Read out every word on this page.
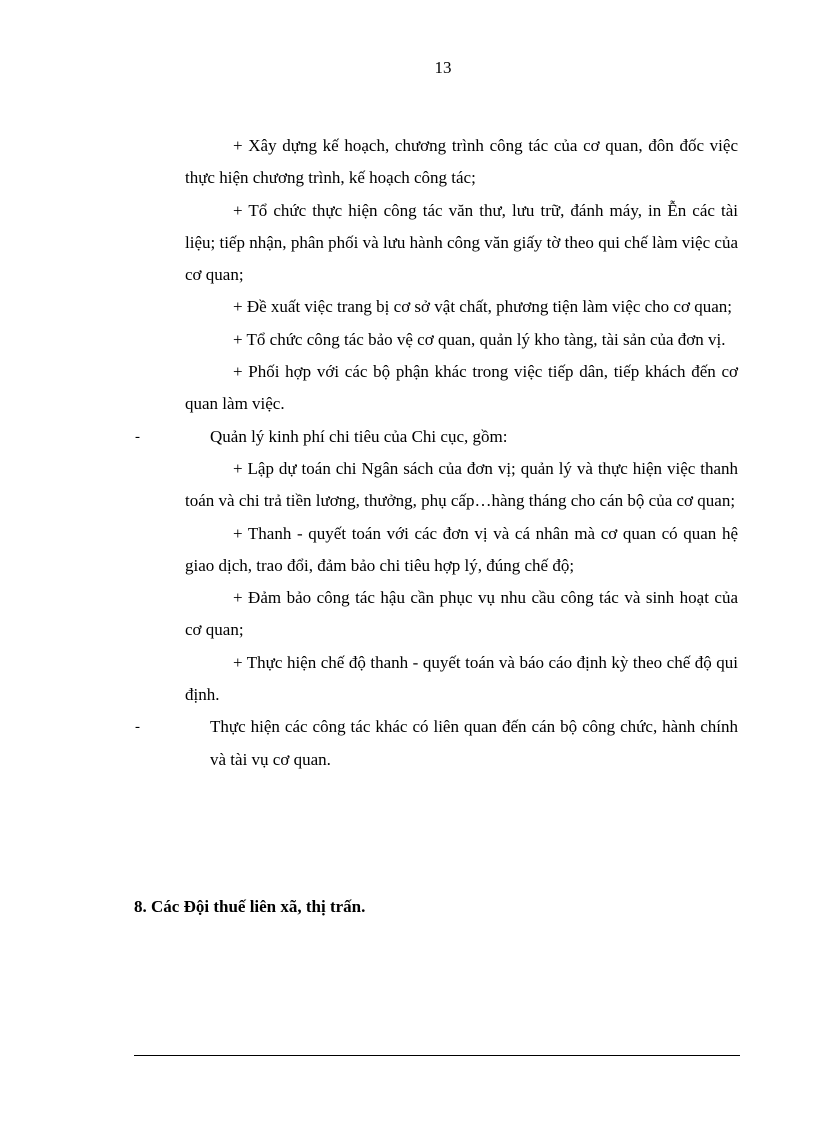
13

+ Xây dựng kế hoạch, chương trình công tác của cơ quan, đôn đốc việc thực hiện chương trình, kế hoạch công tác;

+ Tổ chức thực hiện công tác văn thư, lưu trữ, đánh máy, in Ễn các tài liệu; tiếp nhận, phân phối và lưu hành công văn giấy tờ theo qui chế làm việc của cơ quan;

+ Đề xuất việc trang bị cơ sở vật chất, phương tiện làm việc cho cơ quan;

+ Tổ chức công tác bảo vệ cơ quan, quản lý kho tàng, tài sản của đơn vị.

+ Phối hợp với các bộ phận khác trong việc tiếp dân, tiếp khách đến cơ quan làm việc.

-	Quản lý kinh phí chi tiêu của Chi cục, gồm:

+ Lập dự toán chi Ngân sách của đơn vị; quản lý và thực hiện việc thanh toán và chi trả tiền lương, thưởng, phụ cấp…hàng tháng cho cán bộ của cơ quan;

+ Thanh - quyết toán với các đơn vị và cá nhân mà cơ quan có quan hệ giao dịch, trao đổi, đảm bảo chi tiêu hợp lý, đúng chế độ;

+ Đảm bảo công tác hậu cần phục vụ nhu cầu công tác và sinh hoạt của cơ quan;

+ Thực hiện chế độ thanh - quyết toán và báo cáo định kỳ theo chế độ qui định.

-	Thực hiện các công tác khác có liên quan đến cán bộ công chức, hành chính và tài vụ cơ quan.

8. Các Đội thuế liên xã, thị trấn.
